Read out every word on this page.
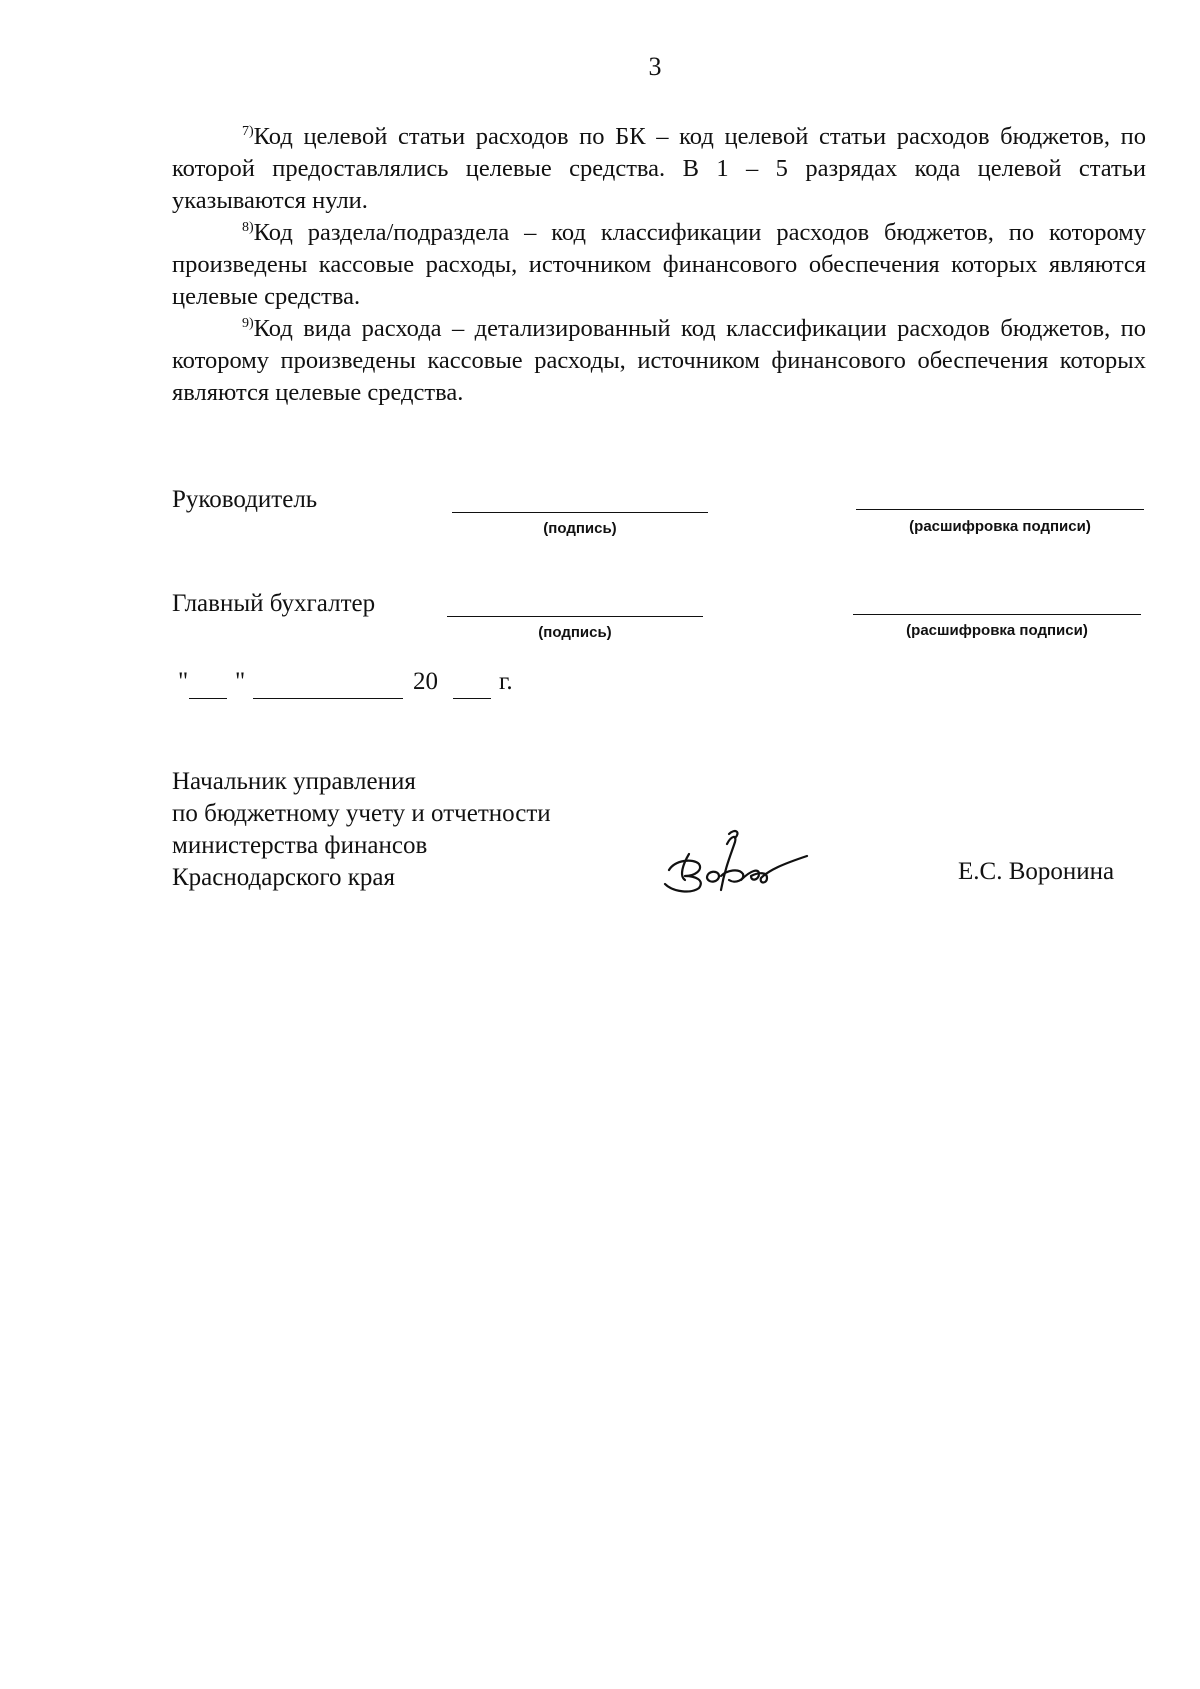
3

$^{7)}$Код целевой статьи расходов по БК – код целевой статьи расходов бюджетов, по которой предоставлялись целевые средства. В 1 – 5 разрядах кода целевой статьи указываются нули.

$^{8)}$Код раздела/подраздела – код классификации расходов бюджетов, по которому произведены кассовые расходы, источником финансового обеспечения которых являются целевые средства.

$^{9)}$Код вида расхода – детализированный код классификации расходов бюджетов, по которому произведены кассовые расходы, источником финансового обеспечения которых являются целевые средства.

Руководитель
(подпись)	(расшифровка подписи)
Главный бухгалтер
(подпись)	(расшифровка подписи)
" "	20 г.
Начальник управления
по бюджетному учету и отчетности
министерства финансов
Краснодарского края	Е.С. Воронина
